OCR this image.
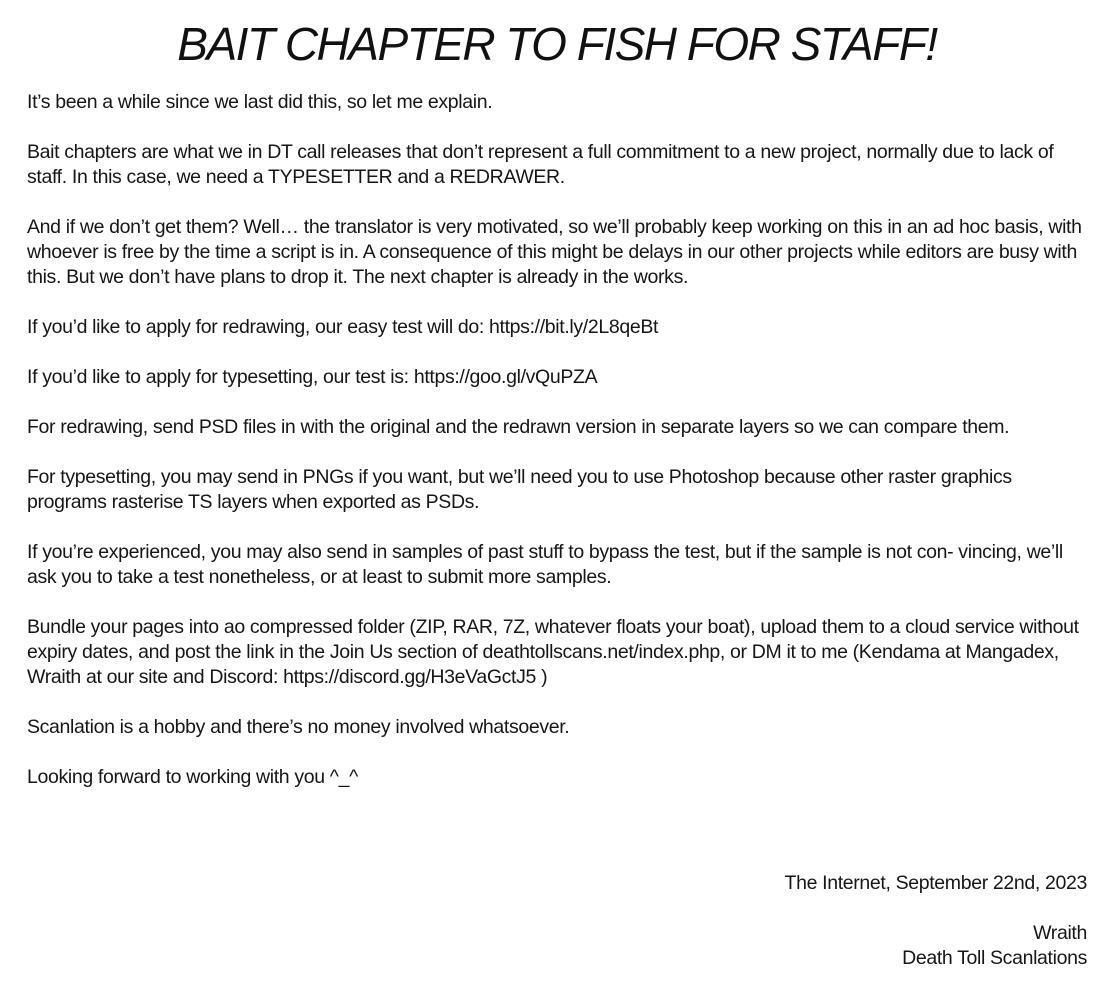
BAIT CHAPTER TO FISH FOR STAFF!

It’s been a while since we last did this, so let me explain.

Bait chapters are what we in DT call releases that don’t represent a full commitment to a new project, normally due to lack of staff. In this case, we need a TYPESETTER and a REDRAWER.

And if we don’t get them? Well… the translator is very motivated, so we’ll probably keep working on this in an ad hoc basis, with whoever is free by the time a script is in. A consequence of this might be delays in our other projects while editors are busy with this. But we don’t have plans to drop it. The next chapter is already in the works.

If you’d like to apply for redrawing, our easy test will do: https://bit.ly/2L8qeBt

If you’d like to apply for typesetting, our test is: https://goo.gl/vQuPZA

For redrawing, send PSD files in with the original and the redrawn version in separate layers so we can compare them.

For typesetting, you may send in PNGs if you want, but we’ll need you to use Photoshop because other raster graphics programs rasterise TS layers when exported as PSDs.

If you’re experienced, you may also send in samples of past stuff to bypass the test, but if the sample is not con- vincing, we’ll ask you to take a test nonetheless, or at least to submit more samples.

Bundle your pages into ao compressed folder (ZIP, RAR, 7Z, whatever floats your boat), upload them to a cloud service without expiry dates, and post the link in the Join Us section of deathtollscans.net/index.php, or DM it to me (Kendama at Mangadex, Wraith at our site and Discord: https://discord.gg/H3eVaGctJ5 )

Scanlation is a hobby and there’s no money involved whatsoever.

Looking forward to working with you ^_^

The Internet, September 22nd, 2023

Wraith
Death Toll Scanlations
